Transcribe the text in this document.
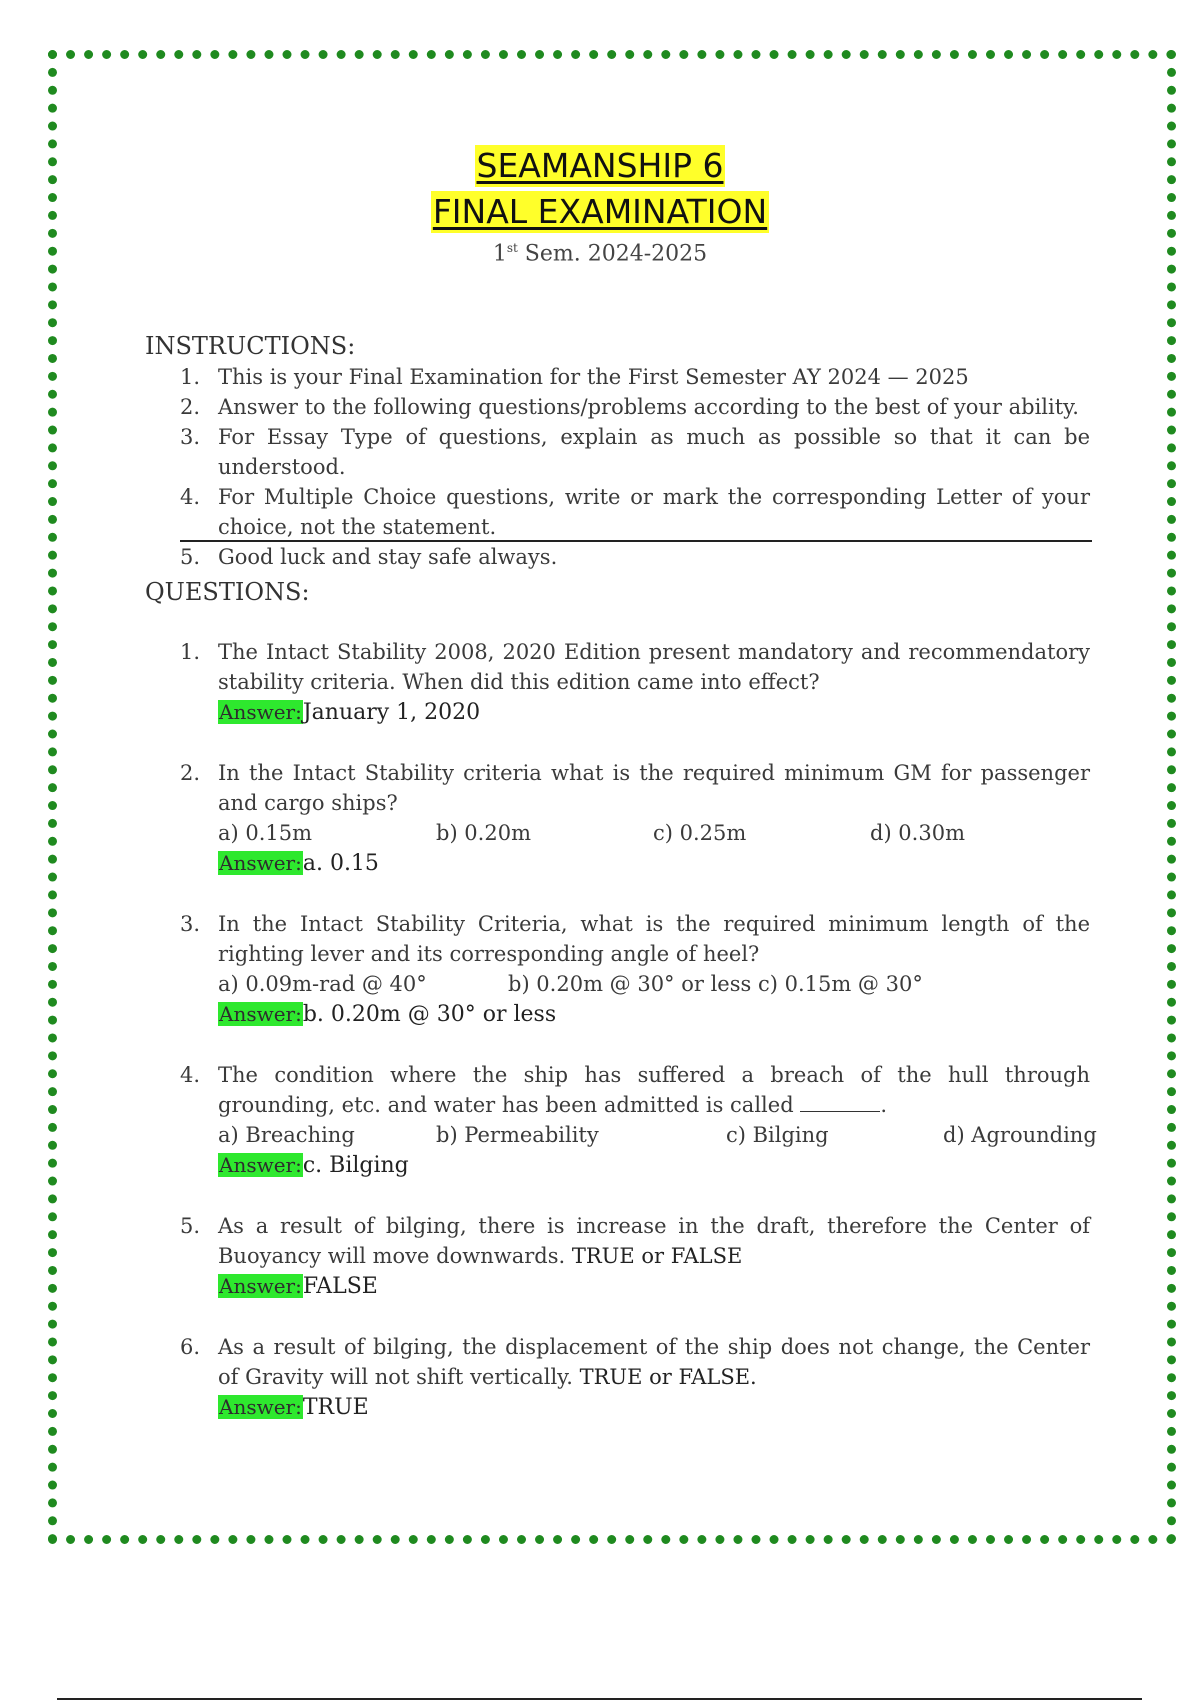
SEAMANSHIP 6
FINAL EXAMINATION
1st Sem. 2024-2025
INSTRUCTIONS:
1. This is your Final Examination for the First Semester AY 2024 — 2025
2. Answer to the following questions/problems according to the best of your ability.
3. For Essay Type of questions, explain as much as possible so that it can be understood.
4. For Multiple Choice questions, write or mark the corresponding Letter of your choice, not the statement.
5. Good luck and stay safe always.
QUESTIONS:
1. The Intact Stability 2008, 2020 Edition present mandatory and recommendatory stability criteria. When did this edition came into effect?
Answer:January 1, 2020
2. In the Intact Stability criteria what is the required minimum GM for passenger and cargo ships?
a) 0.15m	b) 0.20m	c) 0.25m	d) 0.30m
Answer:a. 0.15
3. In the Intact Stability Criteria, what is the required minimum length of the righting lever and its corresponding angle of heel?
a) 0.09m-rad @ 40°	b) 0.20m @ 30° or less c) 0.15m @ 30°
Answer:b. 0.20m @ 30° or less
4. The condition where the ship has suffered a breach of the hull through grounding, etc. and water has been admitted is called	.
a) Breaching	b) Permeability	c) Bilging	d) Agrounding
Answer:c. Bilging
5. As a result of bilging, there is increase in the draft, therefore the Center of Buoyancy will move downwards. TRUE or FALSE
Answer:FALSE
6. As a result of bilging, the displacement of the ship does not change, the Center of Gravity will not shift vertically. TRUE or FALSE.
Answer:TRUE
